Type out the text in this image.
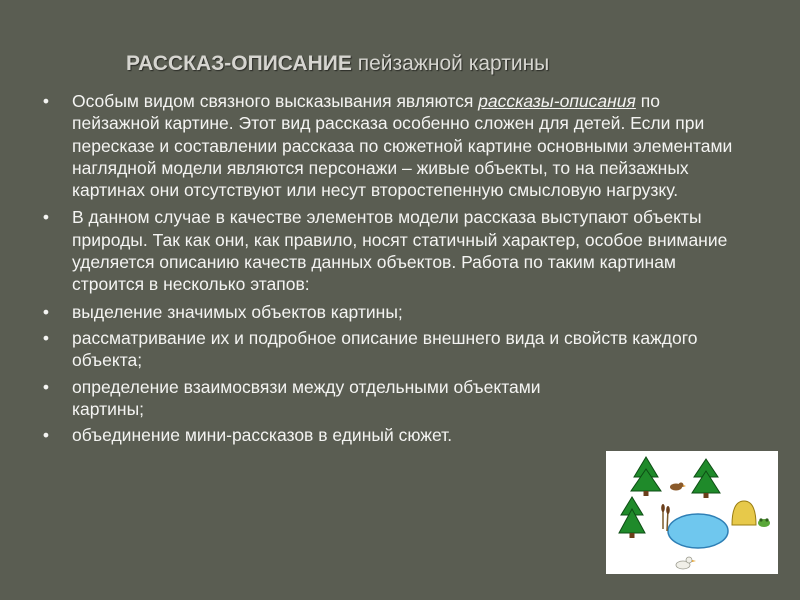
РАССКАЗ-ОПИСАНИЕ пейзажной картины
• Особым видом связного высказывания являются рассказы-описания по пейзажной картине. Этот вид рассказа особенно сложен для детей. Если при пересказе и составлении рассказа по сюжетной картине основными элементами наглядной модели являются персонажи – живые объекты, то на пейзажных картинах они отсутствуют или несут второстепенную смысловую нагрузку.
• В данном случае в качестве элементов модели рассказа выступают объекты природы. Так как они, как правило, носят статичный характер, особое внимание уделяется описанию качеств данных объектов. Работа по таким картинам строится в несколько этапов:
• выделение значимых объектов картины;
• рассматривание их и подробное описание внешнего вида и свойств каждого объекта;
• определение взаимосвязи между отдельными объектами картины;
• объединение мини-рассказов в единый сюжет.
